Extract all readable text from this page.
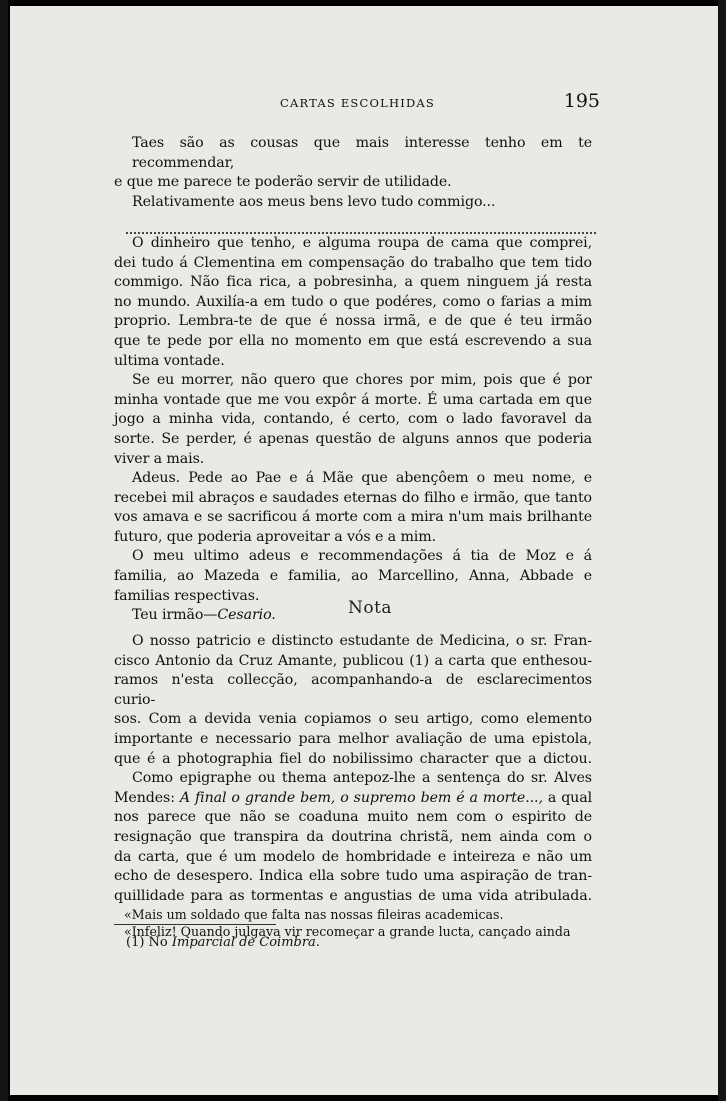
CARTAS ESCOLHIDAS	195
Taes são as cousas que mais interesse tenho em te recommendar,
e que me parece te poderão servir de utilidade.
Relativamente aos meus bens levo tudo commigo...
O dinheiro que tenho, e alguma roupa de cama que comprei,
dei tudo á Clementina em compensação do trabalho que tem tido
commigo. Não fica rica, a pobresinha, a quem ninguem já resta
no mundo. Auxilía-a em tudo o que podéres, como o farias a mim
proprio. Lembra-te de que é nossa irmã, e de que é teu irmão
que te pede por ella no momento em que está escrevendo a sua
ultima vontade.
Se eu morrer, não quero que chores por mim, pois que é por
minha vontade que me vou expôr á morte. É uma cartada em que
jogo a minha vida, contando, é certo, com o lado favoravel da
sorte. Se perder, é apenas questão de alguns annos que poderia
viver a mais.
Adeus. Pede ao Pae e á Mãe que abençôem o meu nome, e
recebei mil abraços e saudades eternas do filho e irmão, que tanto
vos amava e se sacrificou á morte com a mira n'um mais brilhante
futuro, que poderia aproveitar a vós e a mim.
O meu ultimo adeus e recommendações á tia de Moz e á
familia, ao Mazeda e familia, ao Marcellino, Anna, Abbade e
familias respectivas.
Teu irmão—Cesario.	Nota
O nosso patricio e distincto estudante de Medicina, o sr. Fran-
cisco Antonio da Cruz Amante, publicou (1) a carta que enthesou-
ramos n'esta collecção, acompanhando-a de esclarecimentos curio-
sos. Com a devida venia copiamos o seu artigo, como elemento
importante e necessario para melhor avaliação de uma epistola,
que é a photographia fiel do nobilissimo character que a dictou.
Como epigraphe ou thema antepoz-lhe a sentença do sr. Alves
Mendes: A final o grande bem, o supremo bem é a morte..., a qual
nos parece que não se coaduna muito nem com o espirito de
resignação que transpira da doutrina christã, nem ainda com o
da carta, que é um modelo de hombridade e inteireza e não um
echo de desespero. Indica ella sobre tudo uma aspiração de tran-
quillidade para as tormentas e angustias de uma vida atribulada.
«Mais um soldado que falta nas nossas fileiras academicas.
«Infeliz! Quando julgava vir recomeçar a grande lucta, cançado ainda
(1) No Imparcial de Coimbra.
